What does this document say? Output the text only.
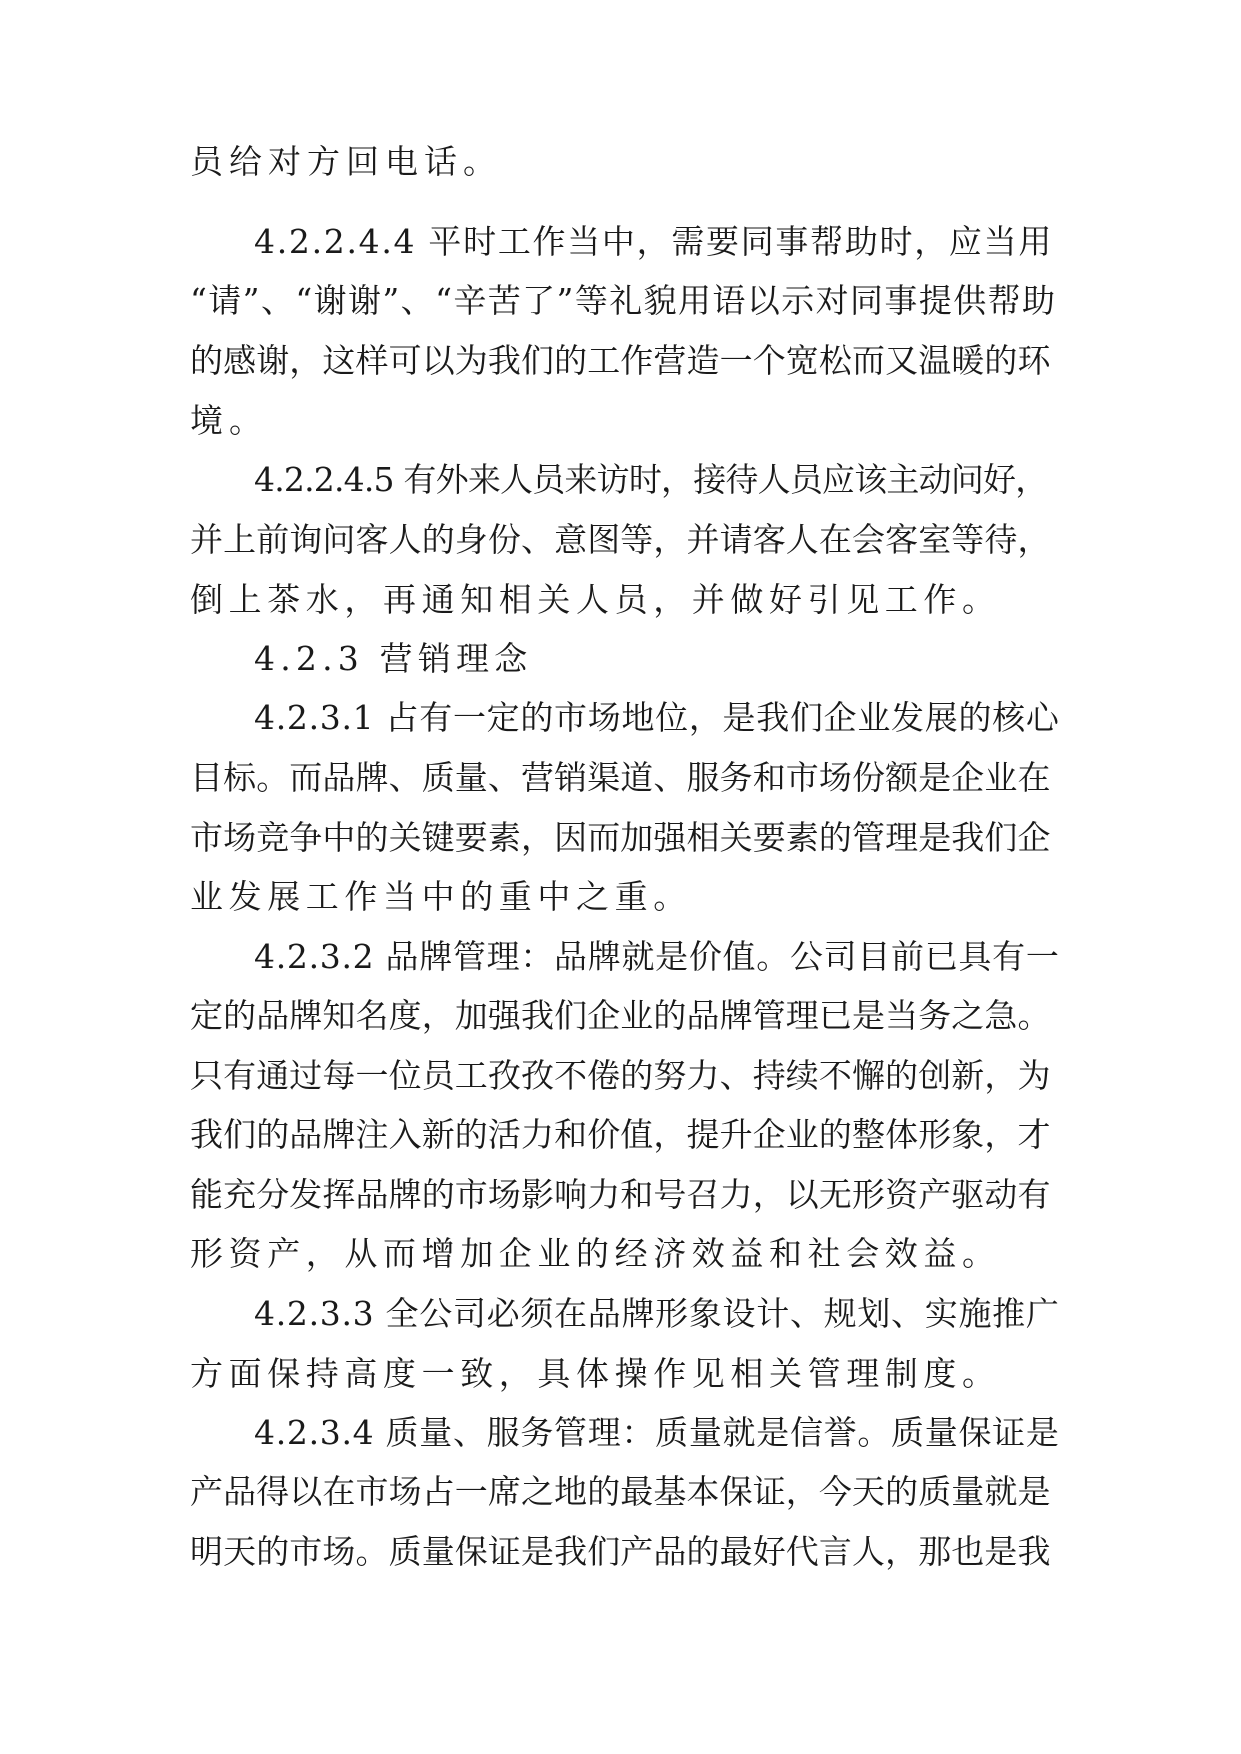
员给对方回电话。
4.2.2.4.4 平时工作当中，需要同事帮助时，应当用
“请”、“谢谢”、“辛苦了”等礼貌用语以示对同事提供帮助
的感谢，这样可以为我们的工作营造一个宽松而又温暖的环
境。
4.2.2.4.5 有外来人员来访时，接待人员应该主动问好，
并上前询问客人的身份、意图等，并请客人在会客室等待，
倒上茶水，再通知相关人员，并做好引见工作。
4.2.3 营销理念
4.2.3.1 占有一定的市场地位，是我们企业发展的核心
目标。而品牌、质量、营销渠道、服务和市场份额是企业在
市场竞争中的关键要素，因而加强相关要素的管理是我们企
业发展工作当中的重中之重。
4.2.3.2 品牌管理：品牌就是价值。公司目前已具有一
定的品牌知名度，加强我们企业的品牌管理已是当务之急。
只有通过每一位员工孜孜不倦的努力、持续不懈的创新，为
我们的品牌注入新的活力和价值，提升企业的整体形象，才
能充分发挥品牌的市场影响力和号召力，以无形资产驱动有
形资产，从而增加企业的经济效益和社会效益。
4.2.3.3 全公司必须在品牌形象设计、规划、实施推广
方面保持高度一致，具体操作见相关管理制度。
4.2.3.4 质量、服务管理：质量就是信誉。质量保证是
产品得以在市场占一席之地的最基本保证，今天的质量就是
明天的市场。质量保证是我们产品的最好代言人，那也是我
